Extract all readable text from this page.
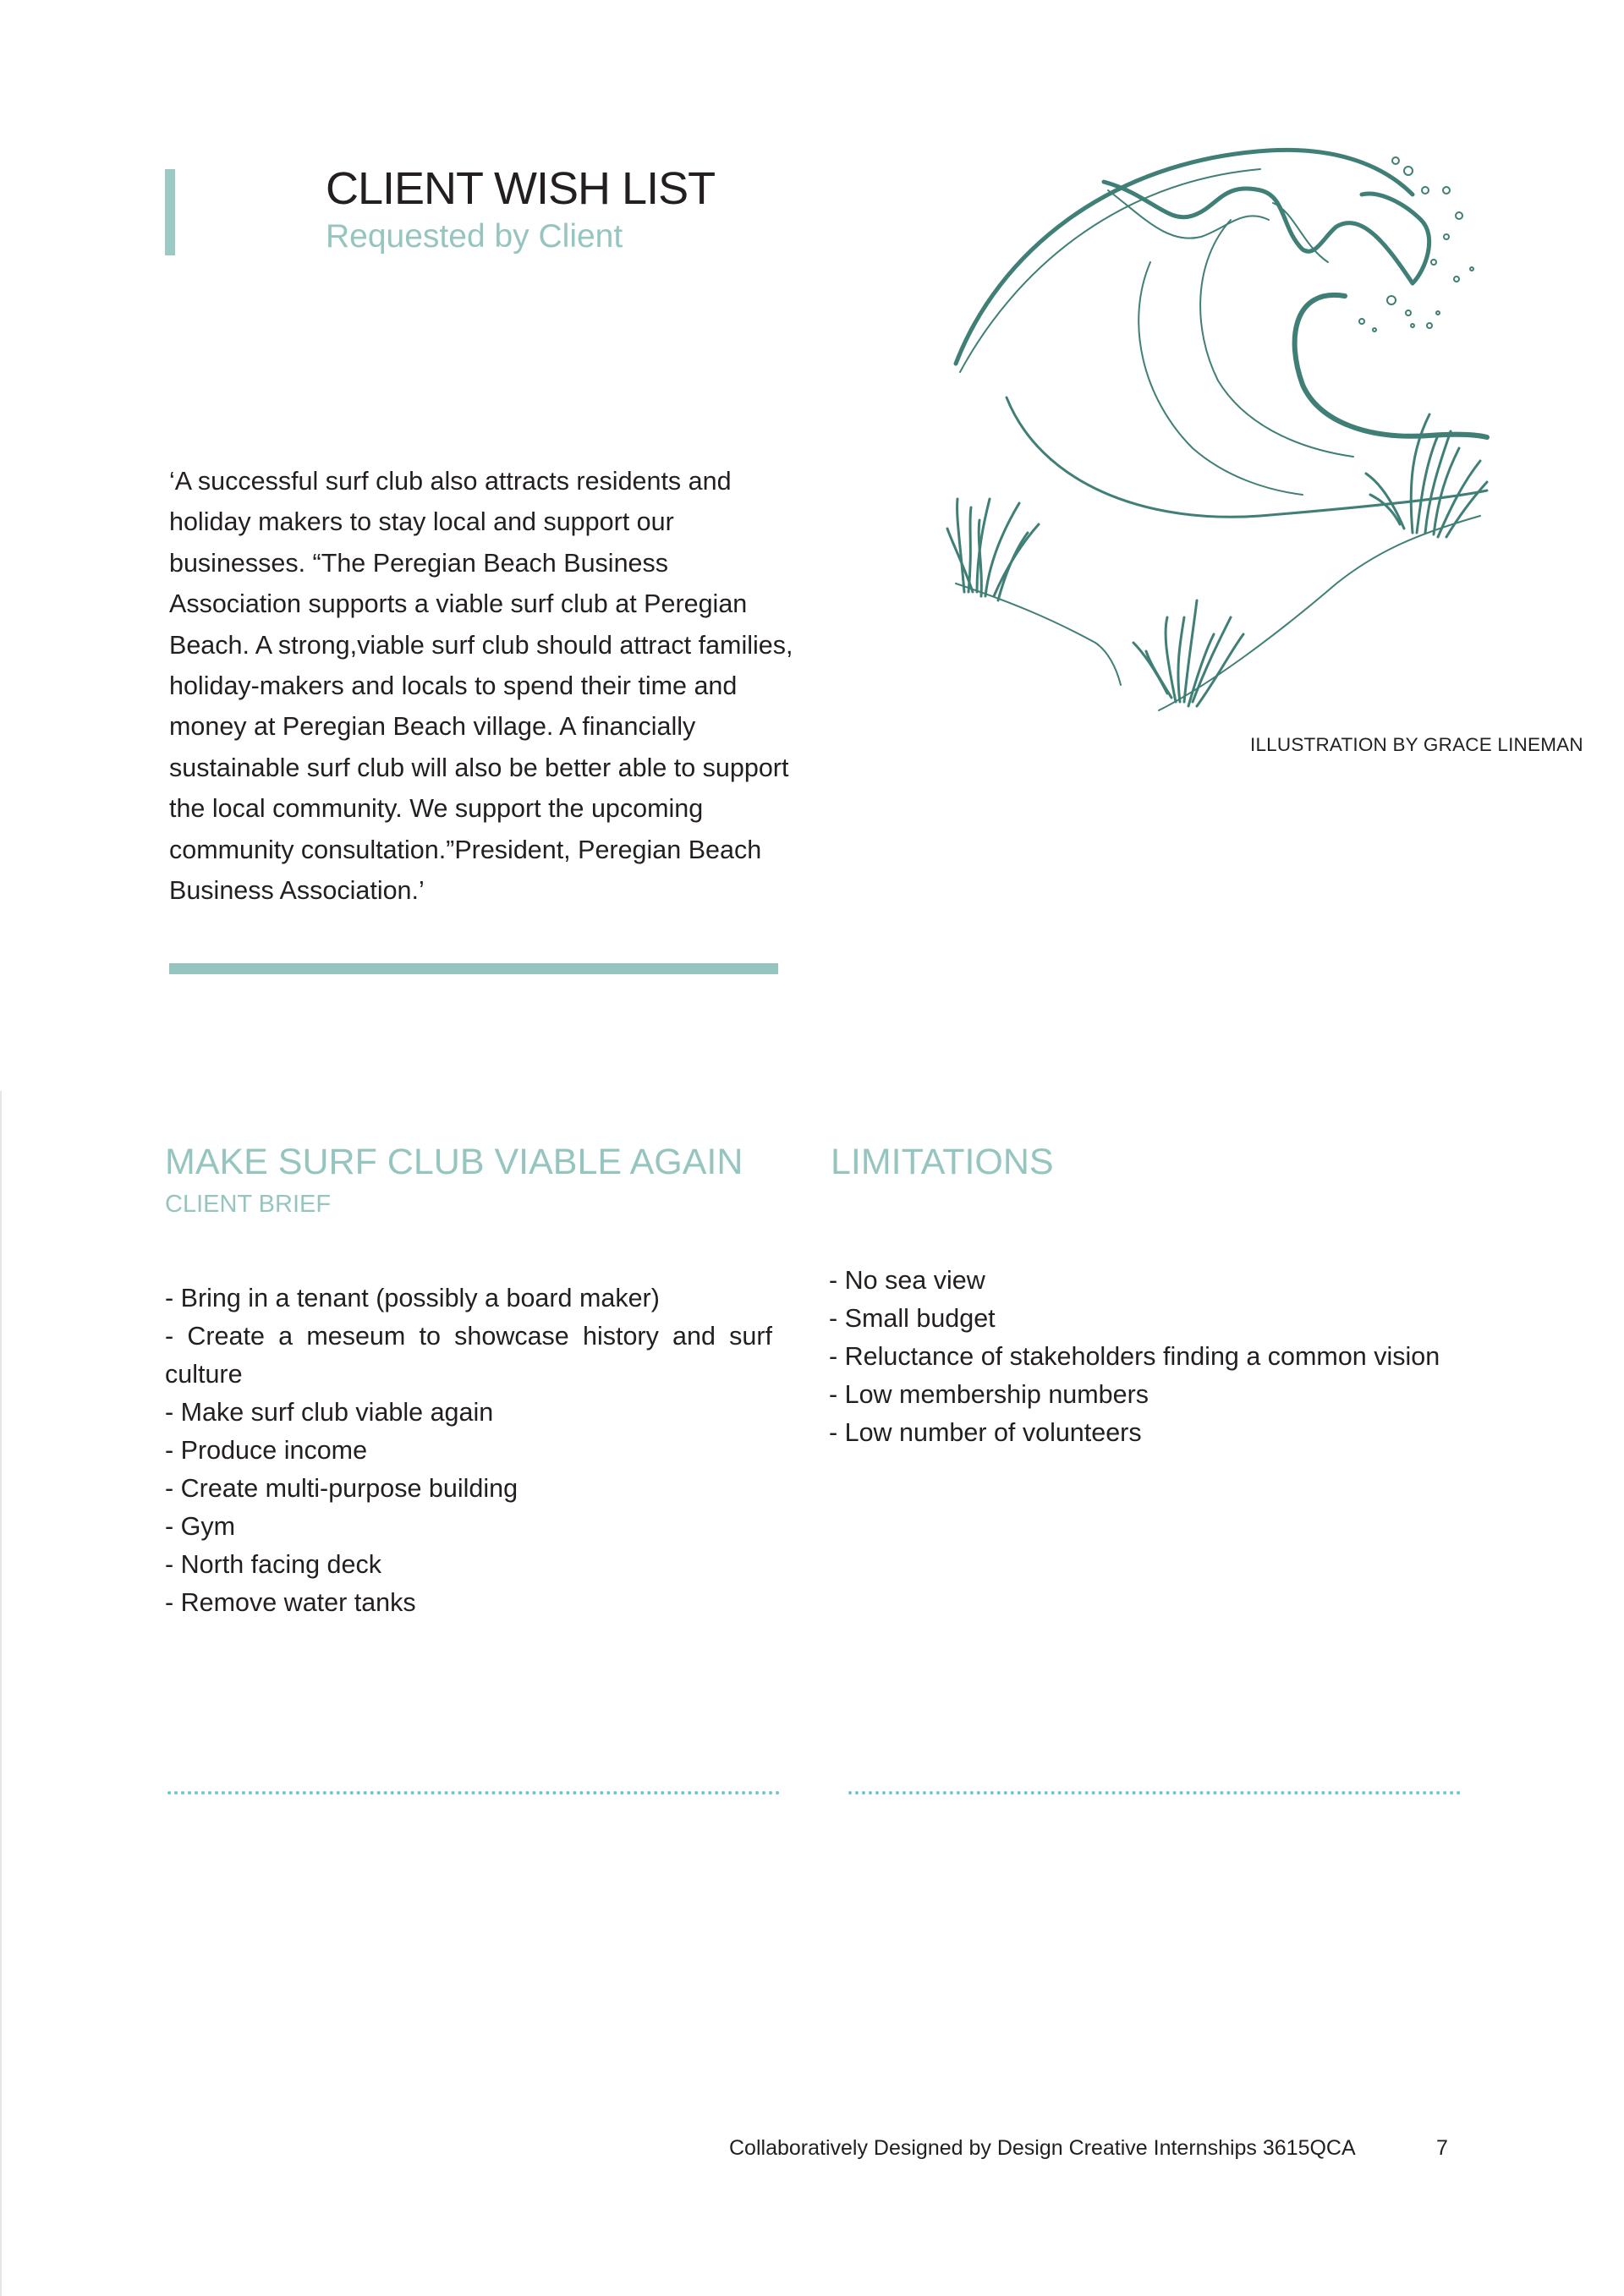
CLIENT WISH LIST
Requested by Client
‘A successful surf club also attracts residents and holiday makers to stay local and support our businesses. “The Peregian Beach Business Association supports a viable surf club at Peregian Beach. A strong,viable surf club should attract families, holiday-makers and locals to spend their time and money at Peregian Beach village. A financially sustainable surf club will also be better able to support the local community. We support the upcoming community consultation.”President, Peregian Beach Business Association.’
ILLUSTRATION BY GRACE LINEMAN
MAKE SURF CLUB VIABLE AGAIN
CLIENT BRIEF
- Bring in a tenant (possibly a board maker)
- Create a meseum to showcase history and surf culture
- Make surf club viable again
- Produce income
- Create multi-purpose building
- Gym
- North facing deck
- Remove water tanks
LIMITATIONS
- No sea view
- Small budget
- Reluctance of stakeholders finding a common vision
- Low membership numbers
- Low number of volunteers
Collaboratively Designed by Design Creative Internships 3615QCA	7
